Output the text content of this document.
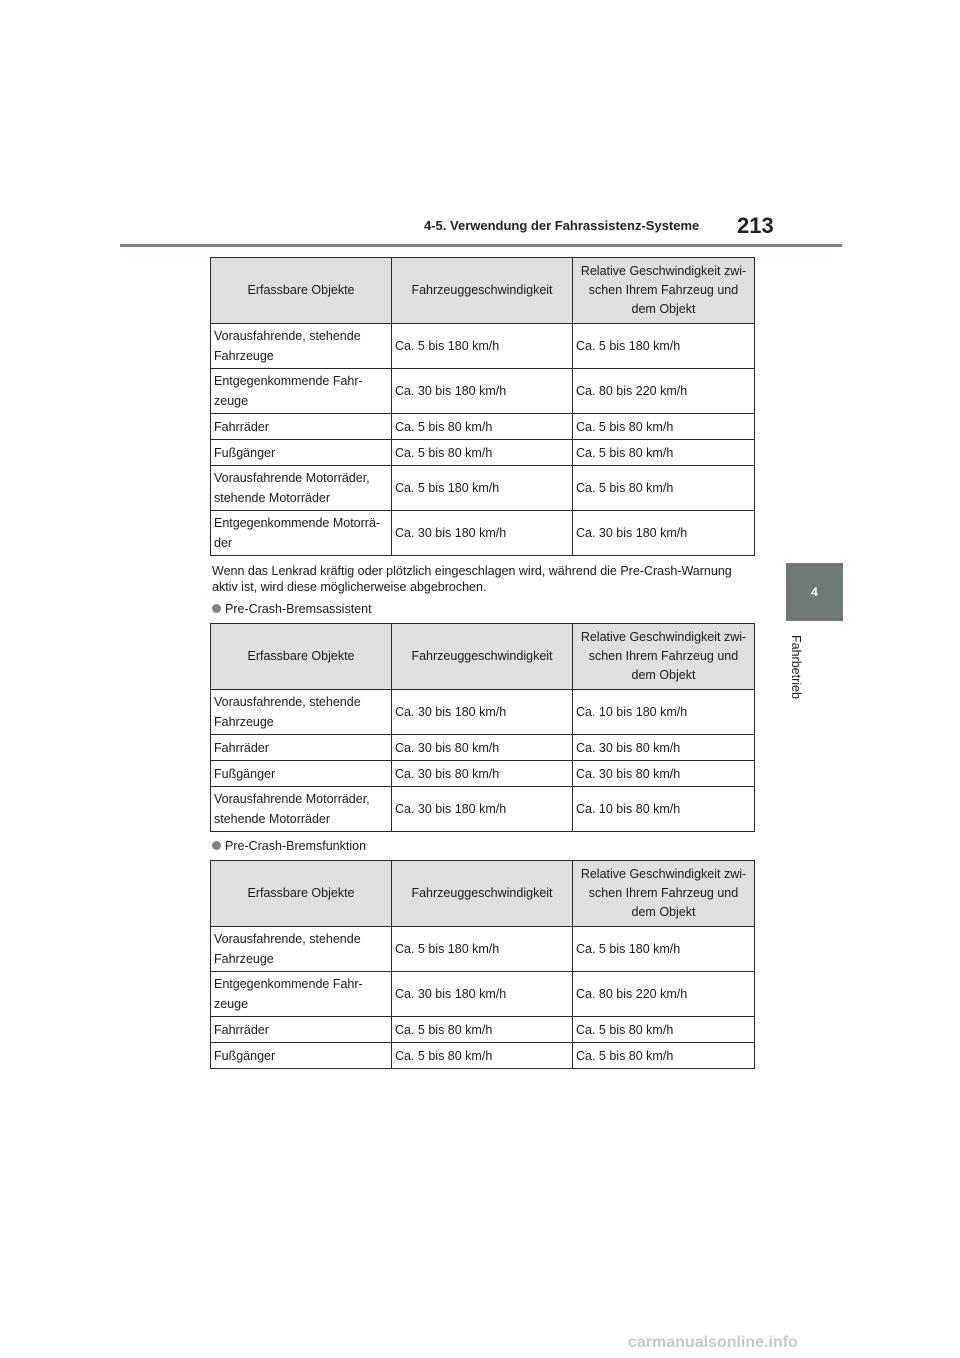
4-5. Verwendung der Fahrassistenz-Systeme 213
4
Fahrbetrieb
Erfassbare Objekte	Fahrzeuggeschwindigkeit	Relative Geschwindigkeit zwi-
schen Ihrem Fahrzeug und
dem Objekt
Vorausfahrende, stehende
Fahrzeuge	Ca. 5 bis 180 km/h	Ca. 5 bis 180 km/h
Entgegenkommende Fahr-
zeuge	Ca. 30 bis 180 km/h	Ca. 80 bis 220 km/h
Fahrräder	Ca. 5 bis 80 km/h	Ca. 5 bis 80 km/h
Fußgänger	Ca. 5 bis 80 km/h	Ca. 5 bis 80 km/h
Vorausfahrende Motorräder,
stehende Motorräder	Ca. 5 bis 180 km/h	Ca. 5 bis 80 km/h
Entgegenkommende Motorrä-
der	Ca. 30 bis 180 km/h	Ca. 30 bis 180 km/h
Wenn das Lenkrad kräftig oder plötzlich eingeschlagen wird, während die Pre-Crash-Warnung aktiv ist, wird diese möglicherweise abgebrochen.
Pre-Crash-Bremsassistent
Erfassbare Objekte	Fahrzeuggeschwindigkeit	Relative Geschwindigkeit zwi-
schen Ihrem Fahrzeug und
dem Objekt
Vorausfahrende, stehende
Fahrzeuge	Ca. 30 bis 180 km/h	Ca. 10 bis 180 km/h
Fahrräder	Ca. 30 bis 80 km/h	Ca. 30 bis 80 km/h
Fußgänger	Ca. 30 bis 80 km/h	Ca. 30 bis 80 km/h
Vorausfahrende Motorräder,
stehende Motorräder	Ca. 30 bis 180 km/h	Ca. 10 bis 80 km/h
Pre-Crash-Bremsfunktion
Erfassbare Objekte	Fahrzeuggeschwindigkeit	Relative Geschwindigkeit zwi-
schen Ihrem Fahrzeug und
dem Objekt
Vorausfahrende, stehende
Fahrzeuge	Ca. 5 bis 180 km/h	Ca. 5 bis 180 km/h
Entgegenkommende Fahr-
zeuge	Ca. 30 bis 180 km/h	Ca. 80 bis 220 km/h
Fahrräder	Ca. 5 bis 80 km/h	Ca. 5 bis 80 km/h
Fußgänger	Ca. 5 bis 80 km/h	Ca. 5 bis 80 km/h
carmanualsonline.info
